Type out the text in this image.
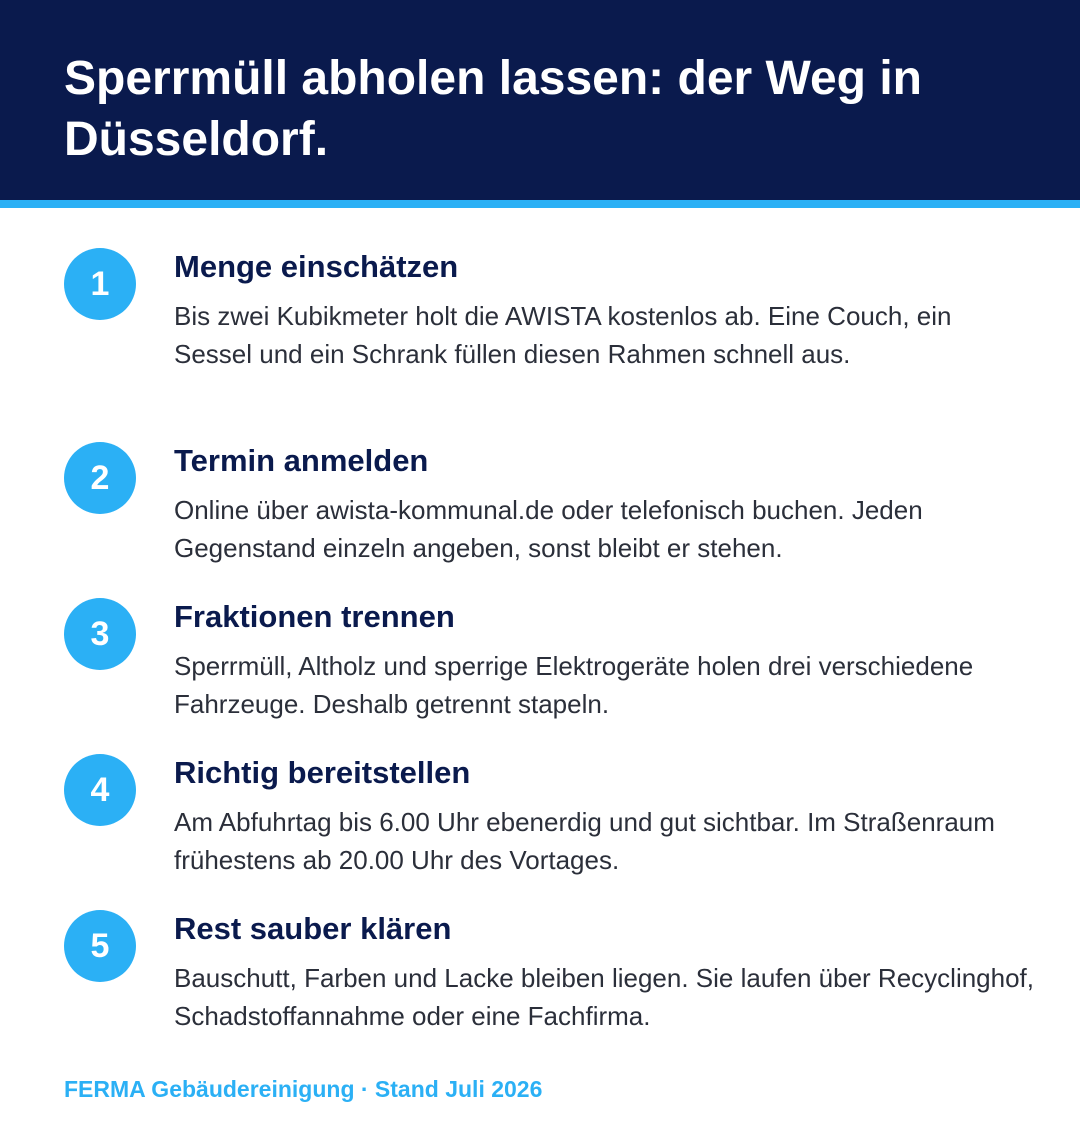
Sperrmüll abholen lassen: der Weg in Düsseldorf.
1	Menge einschätzen

Bis zwei Kubikmeter holt die AWISTA kostenlos ab. Eine Couch, ein Sessel und ein Schrank füllen diesen Rahmen schnell aus.

2	Termin anmelden

Online über awista-kommunal.de oder telefonisch buchen. Jeden Gegenstand einzeln angeben, sonst bleibt er stehen.

3	Fraktionen trennen

Sperrmüll, Altholz und sperrige Elektrogeräte holen drei verschiedene Fahrzeuge. Deshalb getrennt stapeln.

4	Richtig bereitstellen

Am Abfuhrtag bis 6.00 Uhr ebenerdig und gut sichtbar. Im Straßenraum frühestens ab 20.00 Uhr des Vortages.

5	Rest sauber klären

Bauschutt, Farben und Lacke bleiben liegen. Sie laufen über Recyclinghof, Schadstoffannahme oder eine Fachfirma.

FERMA Gebäudereinigung · Stand Juli 2026
